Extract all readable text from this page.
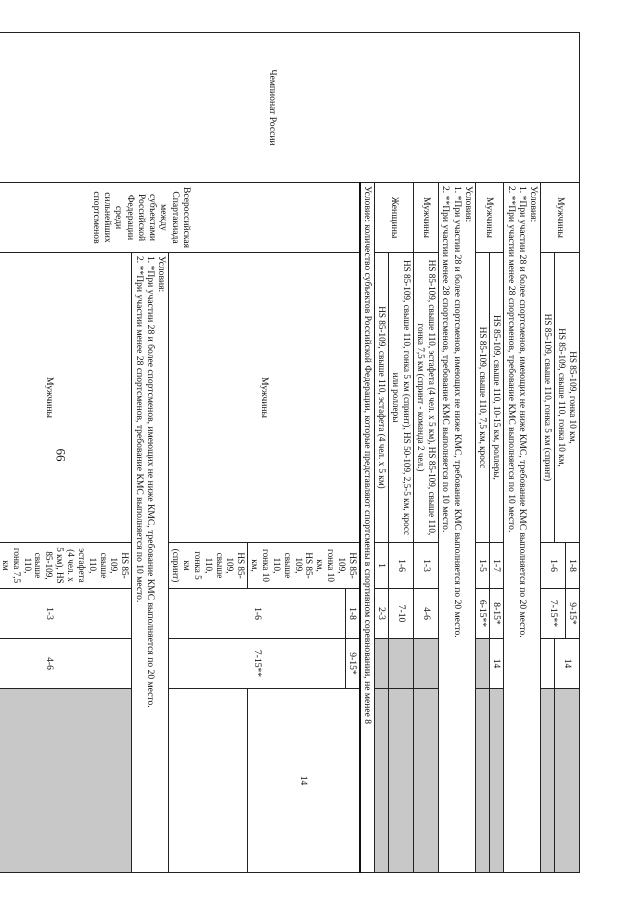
66
Чемпионат России	Мужчины	HS 85-109, гонка 10 км,
HS 85-109, свыше 110, гонка 10 км,	1-8	9-15*	14		
			1-6	7-15**			
		HS 85-109, свыше 110, гонка 5 км (спринт)					

	Условия:
1. *При участии 28 и более спортсменов, имеющих не ниже КМС, требование КМС выполняется по 20 место.
2. **При участии менее 28 спортсменов, требование КМС выполняется по 10 место.						

	Мужчины	HS 85-109, свыше 110, 10-15 км, роллеры,	1-7	8-15*	14		
		HS 85-109, свыше 110, 7,5 км, кросс	1-5	6-15**			

	Условия:
1. *При участии 28 и более спортсменов, имеющих не ниже КМС, требование КМС выполняется по 20 место.
2. **При участии менее 28 спортсменов, требование КМС выполняется по 10 место.						

	Мужчины	HS 85-109, свыше 110, эстафета (4 чел. х 5 км), HS 85-109, свыше 110, гонка 7,5 км (спринт - команда 2 чел.)	1-3	4-6			
	Женщины	HS 85-109, свыше 110, гонка 5 км (спринт), HS 50-109, 2,5-5 км, кросс или роллеры	1-6	7-10			
		HS 85-109, свыше 110, эстафета (4 чел. х 5 км)	1	2-3			
	Условие: количество субъектов Российской Федерации, которые представляют спортсмены в спортивном соревновании, не менее 8						
	Всероссийская Спартакиада между субъектами Российской Федерации среди сильнейших спортсменов	Мужчины	HS 85-109, гонка 10 км,
HS 85-109, свыше 110, гонка 10 км,	1-8	9-15*	14	
				1-6	7-15**		
			HS 85-109, свыше 110, гонка 5 км (спринт)				

		Условия:
1. *При участии 28 и более спортсменов, имеющих не ниже КМС, требование КМС выполняется по 20 место.
2. **При участии менее 28 спортсменов, требование КМС выполняется по 10 место.					

		Мужчины	HS 85-109, свыше 110, эстафета (4 чел. х 5 км), HS 85-109, свыше 110, гонка 7,5 км	1-3	4-6		
